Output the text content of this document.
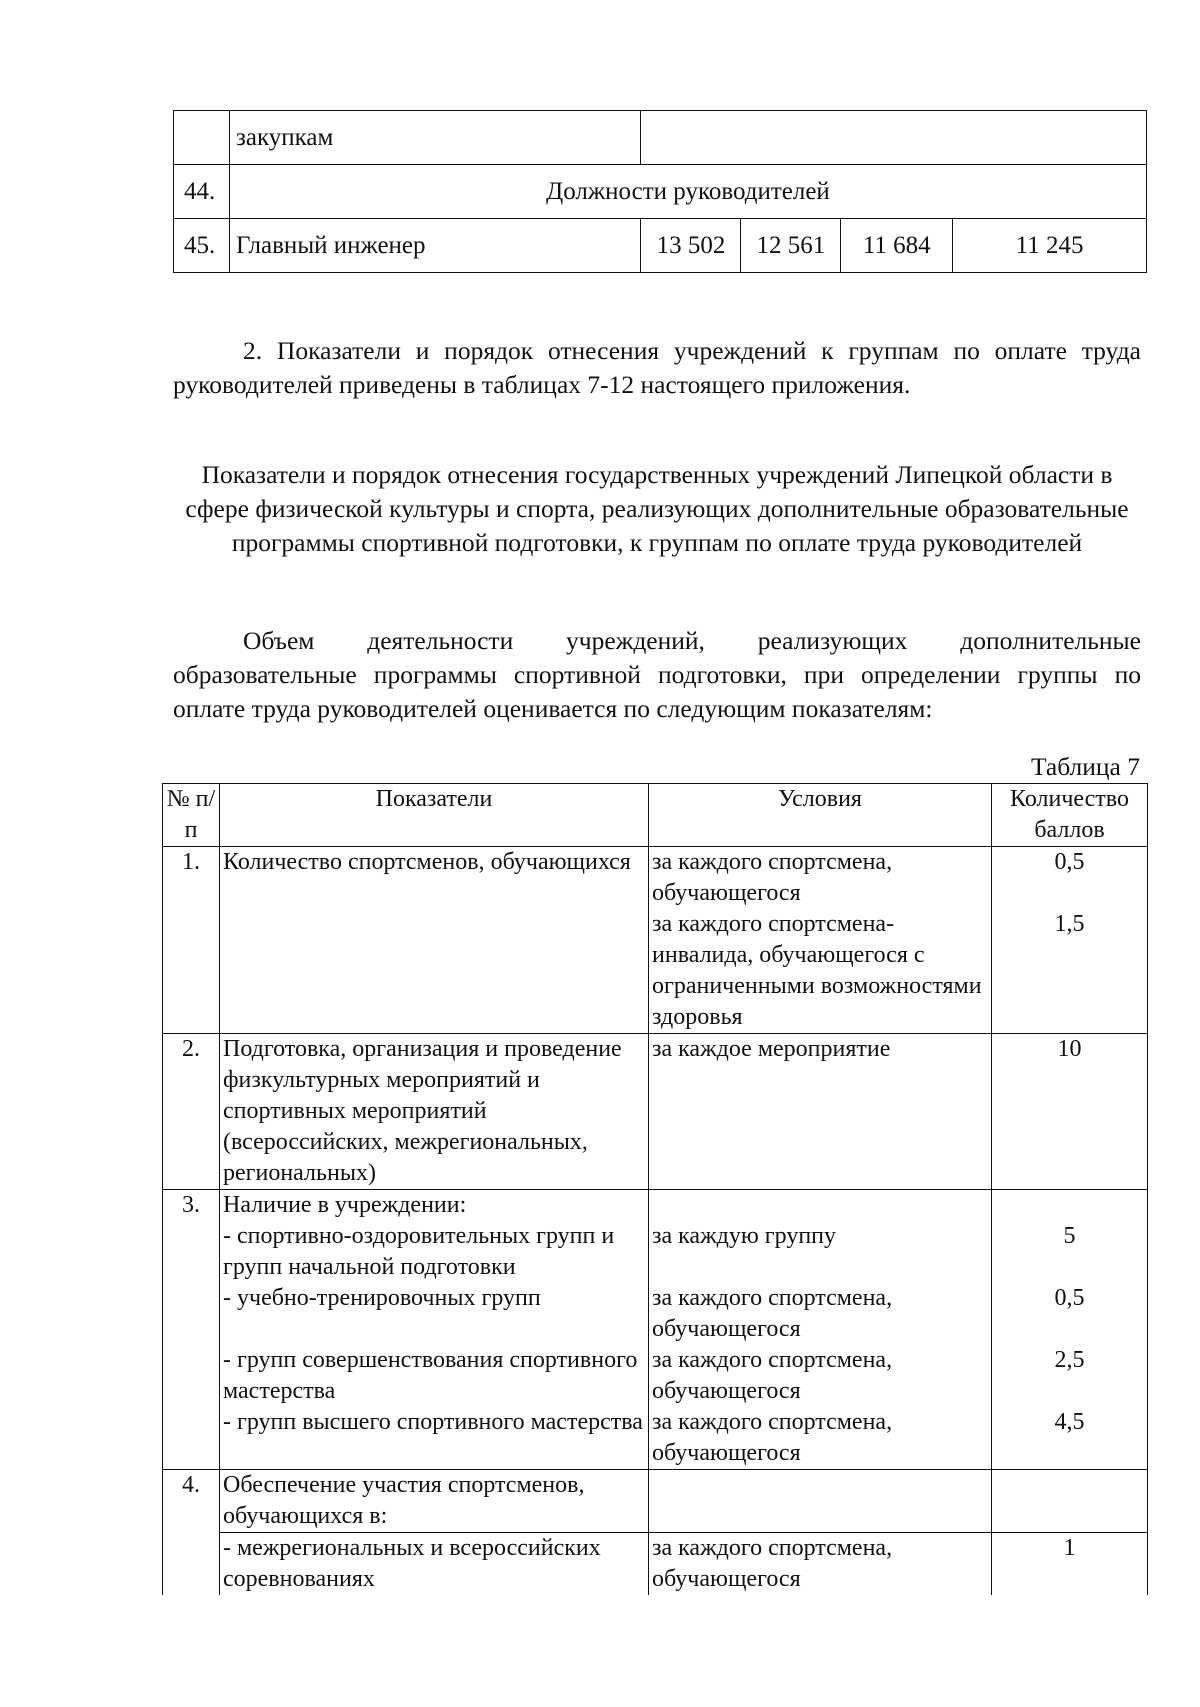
	закупкам				
44.	Должности руководителей				
45.	Главный инженер	13 502	12 561	11 684	11 245
2. Показатели и порядок отнесения учреждений к группам по оплате труда руководителей приведены в таблицах 7-12 настоящего приложения.
Показатели и порядок отнесения государственных учреждений Липецкой области в сфере физической культуры и спорта, реализующих дополнительные образовательные программы спортивной подготовки, к группам по оплате труда руководителей
Объем деятельности учреждений, реализующих дополнительные образовательные программы спортивной подготовки, при определении группы по оплате труда руководителей оценивается по следующим показателям:
Таблица 7
№ п/п	Показатели	Условия	Количество баллов
1.	Количество спортсменов, обучающихся	за каждого спортсмена, обучающегося	0,5
		за каждого спортсмена-инвалида, обучающегося с ограниченными возможностями здоровья	1,5
2.	Подготовка, организация и проведение физкультурных мероприятий и спортивных мероприятий (всероссийских, межрегиональных, региональных)	за каждое мероприятие	10
3.	Наличие в учреждении:		
	- спортивно-оздоровительных групп и групп начальной подготовки	за каждую группу	5
	- учебно-тренировочных групп	за каждого спортсмена, обучающегося	0,5
	- групп совершенствования спортивного мастерства	за каждого спортсмена, обучающегося	2,5
	- групп высшего спортивного мастерства	за каждого спортсмена, обучающегося	4,5
4.	Обеспечение участия спортсменов, обучающихся в:		
	- межрегиональных и всероссийских соревнованиях	за каждого спортсмена, обучающегося	1
